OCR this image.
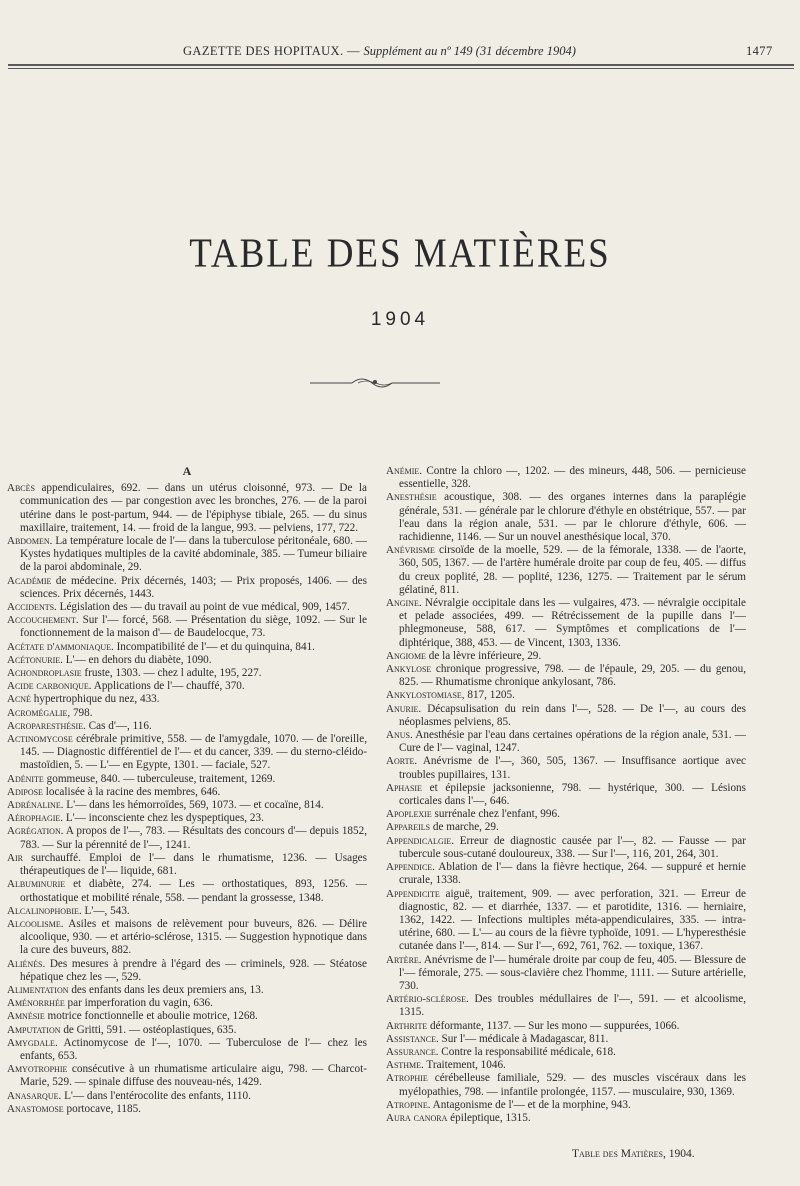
GAZETTE DES HOPITAUX. — Supplément au nº 149 (31 décembre 1904)	1477
TABLE DES MATIÈRES
1904
A

Abcès appendiculaires, 692. — dans un utérus cloisonné, 973. — De la communication des — par congestion avec les bronches, 276. — de la paroi utérine dans le post-partum, 944. — de l'épiphyse tibiale, 265. — du sinus maxillaire, traitement, 14. — froid de la langue, 993. — pelviens, 177, 722.

Abdomen. La température locale de l'— dans la tuberculose péritonéale, 680. — Kystes hydatiques multiples de la cavité abdominale, 385. — Tumeur biliaire de la paroi abdominale, 29.

Académie de médecine. Prix décernés, 1403; — Prix proposés, 1406. — des sciences. Prix décernés, 1443.

Accidents. Législation des — du travail au point de vue médical, 909, 1457.

Accouchement. Sur l'— forcé, 568. — Présentation du siège, 1092. — Sur le fonctionnement de la maison d'— de Baudelocque, 73.

Acétate d'ammoniaque. Incompatibilité de l'— et du quinquina, 841.

Acétonurie. L'— en dehors du diabète, 1090.

Achondroplasie fruste, 1303. — chez l adulte, 195, 227.

Acide carbonique. Applications de l'— chauffé, 370.

Acné hypertrophique du nez, 433.

Acromégalie, 798.

Acroparesthésie. Cas d'—, 116.

Actinomycose cérébrale primitive, 558. — de l'amygdale, 1070. — de l'oreille, 145. — Diagnostic différentiel de l'— et du cancer, 339. — du sterno-cléido-mastoïdien, 5. — L'— en Egypte, 1301. — faciale, 527.

Adénite gommeuse, 840. — tuberculeuse, traitement, 1269.

Adipose localisée à la racine des membres, 646.

Adrénaline. L'— dans les hémorroïdes, 569, 1073. — et cocaïne, 814.

Aérophagie. L'— inconsciente chez les dyspeptiques, 23.

Agrégation. A propos de l'—, 783. — Résultats des concours d'— depuis 1852, 783. — Sur la pérennité de l'—, 1241.

Air surchauffé. Emploi de l'— dans le rhumatisme, 1236. — Usages thérapeutiques de l'— liquide, 681.

Albuminurie et diabète, 274. — Les — orthostatiques, 893, 1256. — orthostatique et mobilité rénale, 558. — pendant la grossesse, 1348.

Alcalinophobie. L'—, 543.

Alcoolisme. Asiles et maisons de relèvement pour buveurs, 826. — Délire alcoolique, 930. — et artério-sclérose, 1315. — Suggestion hypnotique dans la cure des buveurs, 882.

Aliénés. Des mesures à prendre à l'égard des — criminels, 928. — Stéatose hépatique chez les —, 529.

Alimentation des enfants dans les deux premiers ans, 13.

Aménorrhée par imperforation du vagin, 636.

Amnésie motrice fonctionnelle et aboulie motrice, 1268.

Amputation de Gritti, 591. — ostéoplastiques, 635.

Amygdale. Actinomycose de l'—, 1070. — Tuberculose de l'— chez les enfants, 653.

Amyotrophie consécutive à un rhumatisme articulaire aigu, 798. — Charcot-Marie, 529. — spinale diffuse des nouveau-nés, 1429.

Anasarque. L'— dans l'entérocolite des enfants, 1110.

Anastomose portocave, 1185.

Anémie. Contre la chloro —, 1202. — des mineurs, 448, 506. — pernicieuse essentielle, 328.

Anesthésie acoustique, 308. — des organes internes dans la paraplégie générale, 531. — générale par le chlorure d'éthyle en obstétrique, 557. — par l'eau dans la région anale, 531. — par le chlorure d'éthyle, 606. — rachidienne, 1146. — Sur un nouvel anesthésique local, 370.

Anévrisme cirsoïde de la moelle, 529. — de la fémorale, 1338. — de l'aorte, 360, 505, 1367. — de l'artère humérale droite par coup de feu, 405. — diffus du creux poplité, 28. — poplité, 1236, 1275. — Traitement par le sérum gélatiné, 811.

Angine. Névralgie occipitale dans les — vulgaires, 473. — névralgie occipitale et pelade associées, 499. — Rétrécissement de la pupille dans l'— phlegmoneuse, 588, 617. — Symptômes et complications de l'— diphtérique, 388, 453. — de Vincent, 1303, 1336.

Angiome de la lèvre inférieure, 29.

Ankylose chronique progressive, 798. — de l'épaule, 29, 205. — du genou, 825. — Rhumatisme chronique ankylosant, 786.

Ankylostomiase, 817, 1205.

Anurie. Décapsulisation du rein dans l'—, 528. — De l'—, au cours des néoplasmes pelviens, 85.

Anus. Anesthésie par l'eau dans certaines opérations de la région anale, 531. — Cure de l'— vaginal, 1247.

Aorte. Anévrisme de l'—, 360, 505, 1367. — Insuffisance aortique avec troubles pupillaires, 131.

Aphasie et épilepsie jacksonienne, 798. — hystérique, 300. — Lésions corticales dans l'—, 646.

Apoplexie surrénale chez l'enfant, 996.

Appareils de marche, 29.

Appendicalgie. Erreur de diagnostic causée par l'—, 82. — Fausse — par tubercule sous-cutané douloureux, 338. — Sur l'—, 116, 201, 264, 301.

Appendice. Ablation de l'— dans la fièvre hectique, 264. — suppuré et hernie crurale, 1338.

Appendicite aiguë, traitement, 909. — avec perforation, 321. — Erreur de diagnostic, 82. — et diarrhée, 1337. — et parotidite, 1316. — herniaire, 1362, 1422. — Infections multiples méta-appendiculaires, 335. — intra-utérine, 680. — L'— au cours de la fièvre typhoïde, 1091. — L'hyperesthésie cutanée dans l'—, 814. — Sur l'—, 692, 761, 762. — toxique, 1367.

Artère. Anévrisme de l'— humérale droite par coup de feu, 405. — Blessure de l'— fémorale, 275. — sous-clavière chez l'homme, 1111. — Suture artérielle, 730.

Artério-sclérose. Des troubles médullaires de l'—, 591. — et alcoolisme, 1315.

Arthrite déformante, 1137. — Sur les mono — suppurées, 1066.

Assistance. Sur l'— médicale à Madagascar, 811.

Assurance. Contre la responsabilité médicale, 618.

Asthme. Traitement, 1046.

Atrophie cérébelleuse familiale, 529. — des muscles viscéraux dans les myélopathies, 798. — infantile prolongée, 1157. — musculaire, 930, 1369.

Atropine. Antagonisme de l'— et de la morphine, 943.

Aura canora épileptique, 1315.

Table des Matières, 1904.
